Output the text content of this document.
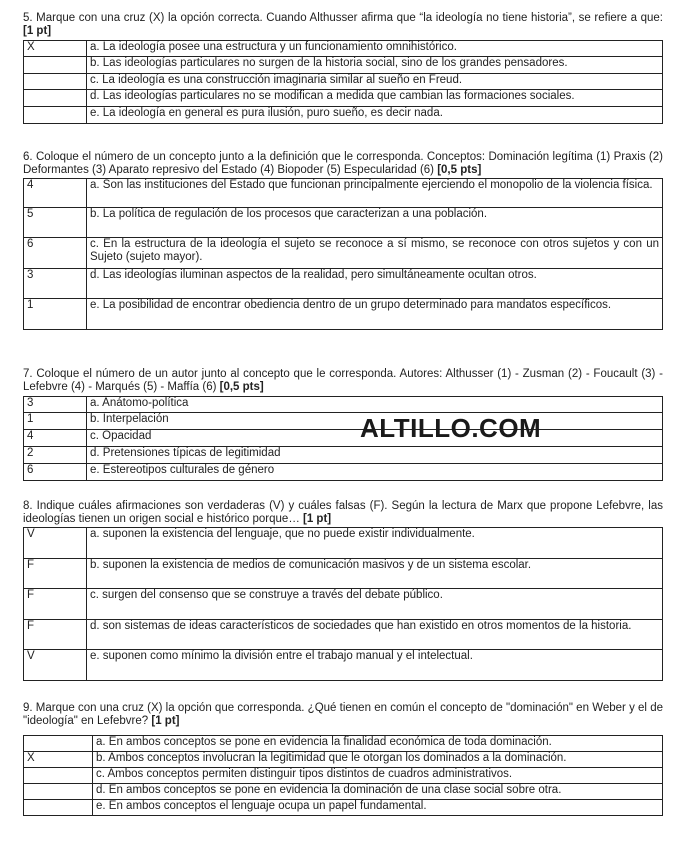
5. Marque con una cruz (X) la opción correcta. Cuando Althusser afirma que “la ideología no tiene historia”, se refiere a que: [1 pt]

X	a. La ideología posee una estructura y un funcionamiento omnihistórico.
	b. Las ideologías particulares no surgen de la historia social, sino de los grandes pensadores.
	c. La ideología es una construcción imaginaria similar al sueño en Freud.
	d. Las ideologías particulares no se modifican a medida que cambian las formaciones sociales.
	e. La ideología en general es pura ilusión, puro sueño, es decir nada.

6. Coloque el número de un concepto junto a la definición que le corresponda. Conceptos: Dominación legítima (1) Praxis (2) Deformantes (3) Aparato represivo del Estado (4) Biopoder (5) Especularidad (6) [0,5 pts]

4	a. Son las instituciones del Estado que funcionan principalmente ejerciendo el monopolio de la violencia física.
5	b. La política de regulación de los procesos que caracterizan a una población.
6	c. En la estructura de la ideología el sujeto se reconoce a sí mismo, se reconoce con otros sujetos y con un Sujeto (sujeto mayor).
3	d. Las ideologías iluminan aspectos de la realidad, pero simultáneamente ocultan otros.
1	e. La posibilidad de encontrar obediencia dentro de un grupo determinado para mandatos específicos.

7. Coloque el número de un autor junto al concepto que le corresponda. Autores: Althusser (1) - Zusman (2) - Foucault (3) - Lefebvre (4) - Marqués (5) - Maffía (6) [0,5 pts]

3	a. Anátomo-política
1	b. Interpelación
4	c. Opacidad
2	d. Pretensiones típicas de legitimidad
6	e. Estereotipos culturales de género

8. Indique cuáles afirmaciones son verdaderas (V) y cuáles falsas (F). Según la lectura de Marx que propone Lefebvre, las ideologías tienen un origen social e histórico porque… [1 pt]

V	a. suponen la existencia del lenguaje, que no puede existir individualmente.
F	b. suponen la existencia de medios de comunicación masivos y de un sistema escolar.
F	c. surgen del consenso que se construye a través del debate público.
F	d. son sistemas de ideas característicos de sociedades que han existido en otros momentos de la historia.
V	e. suponen como mínimo la división entre el trabajo manual y el intelectual.

9. Marque con una cruz (X) la opción que corresponda. ¿Qué tienen en común el concepto de "dominación" en Weber y el de "ideología" en Lefebvre? [1 pt]

	a. En ambos conceptos se pone en evidencia la finalidad económica de toda dominación.
X	b. Ambos conceptos involucran la legitimidad que le otorgan los dominados a la dominación.
	c. Ambos conceptos permiten distinguir tipos distintos de cuadros administrativos.
	d. En ambos conceptos se pone en evidencia la dominación de una clase social sobre otra.
	e. En ambos conceptos el lenguaje ocupa un papel fundamental.
ALTILLO.COM
